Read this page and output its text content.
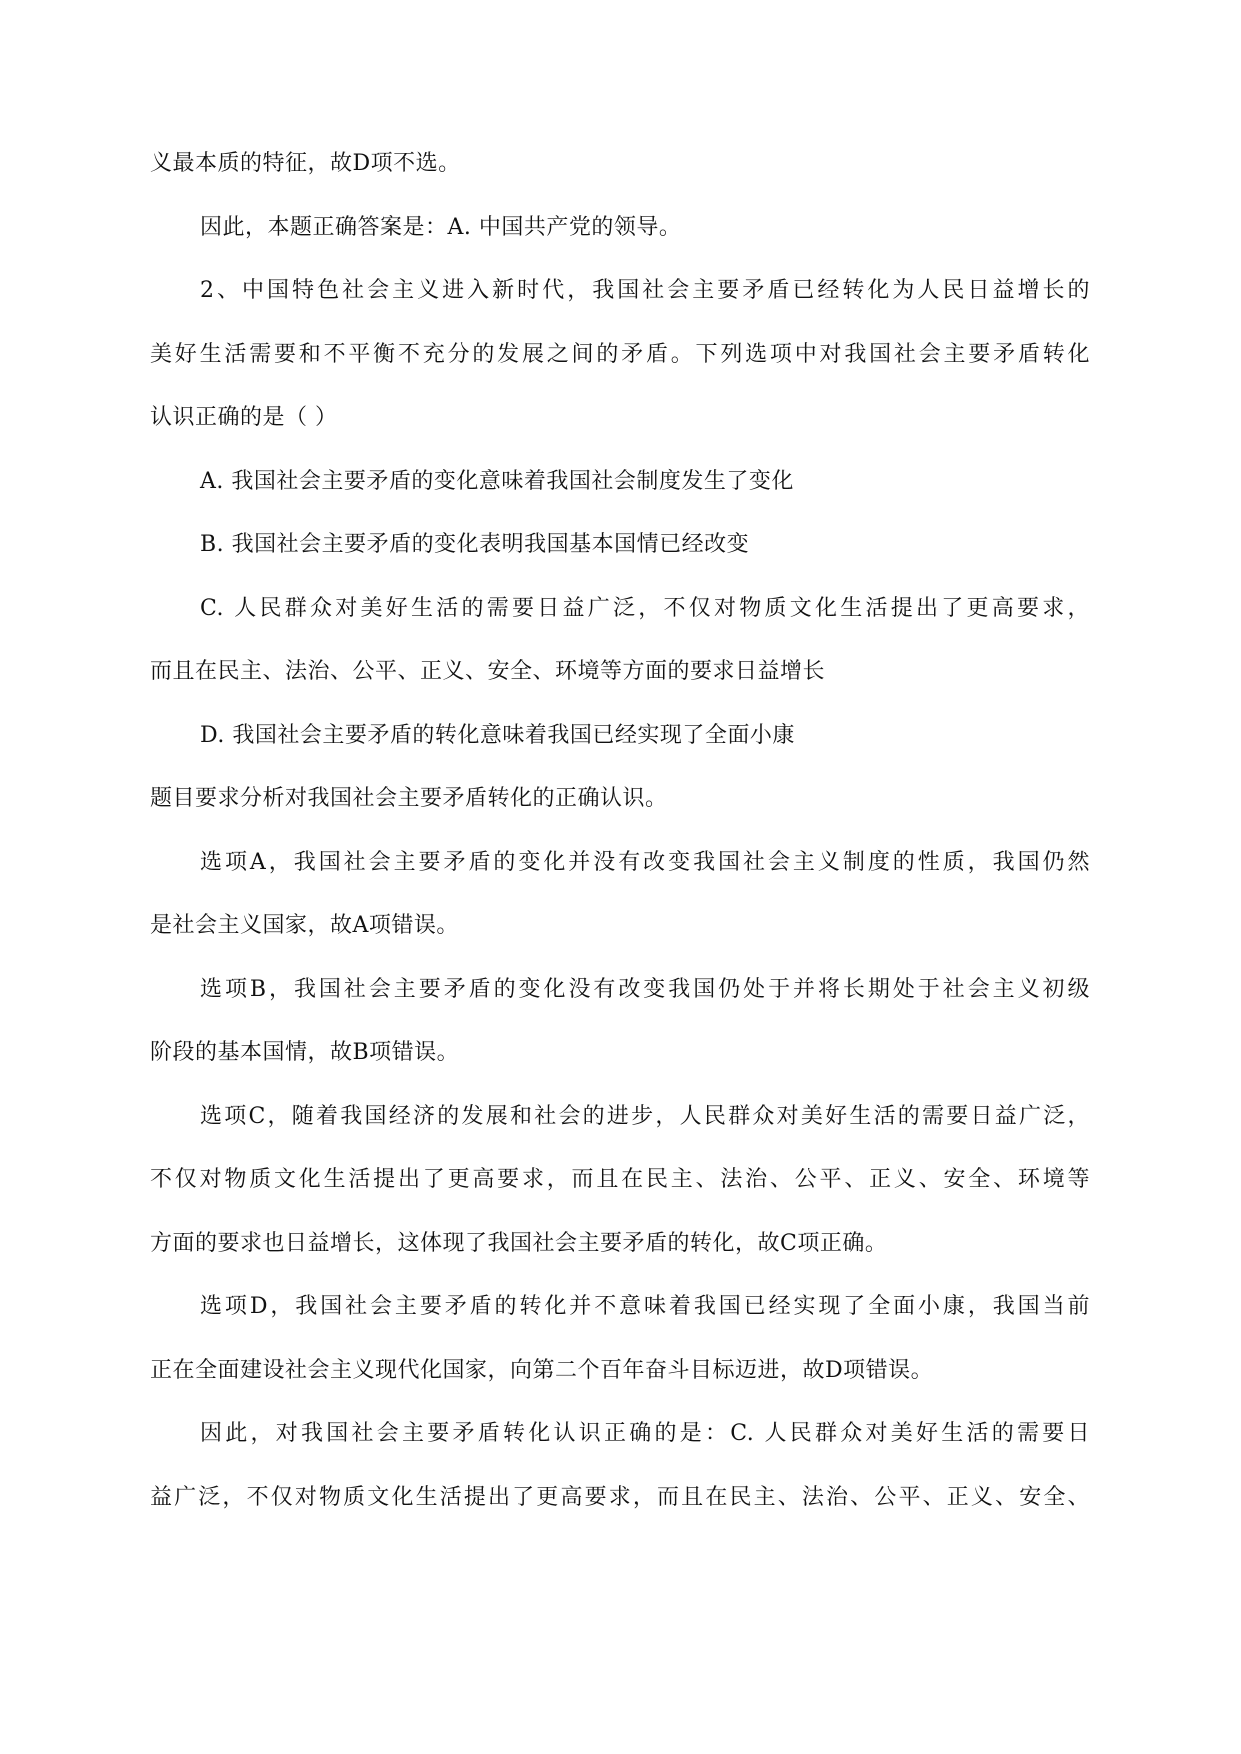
义最本质的特征，故D项不选。
因此，本题正确答案是：A. 中国共产党的领导。
2、中国特色社会主义进入新时代，我国社会主要矛盾已经转化为人民日益增长的
美好生活需要和不平衡不充分的发展之间的矛盾。下列选项中对我国社会主要矛盾转化
认识正确的是（ ）
A. 我国社会主要矛盾的变化意味着我国社会制度发生了变化
B. 我国社会主要矛盾的变化表明我国基本国情已经改变
C. 人民群众对美好生活的需要日益广泛，不仅对物质文化生活提出了更高要求，
而且在民主、法治、公平、正义、安全、环境等方面的要求日益增长
D. 我国社会主要矛盾的转化意味着我国已经实现了全面小康
题目要求分析对我国社会主要矛盾转化的正确认识。
选项A，我国社会主要矛盾的变化并没有改变我国社会主义制度的性质，我国仍然
是社会主义国家，故A项错误。
选项B，我国社会主要矛盾的变化没有改变我国仍处于并将长期处于社会主义初级
阶段的基本国情，故B项错误。
选项C，随着我国经济的发展和社会的进步，人民群众对美好生活的需要日益广泛，
不仅对物质文化生活提出了更高要求，而且在民主、法治、公平、正义、安全、环境等
方面的要求也日益增长，这体现了我国社会主要矛盾的转化，故C项正确。
选项D，我国社会主要矛盾的转化并不意味着我国已经实现了全面小康，我国当前
正在全面建设社会主义现代化国家，向第二个百年奋斗目标迈进，故D项错误。
因此，对我国社会主要矛盾转化认识正确的是：C. 人民群众对美好生活的需要日
益广泛，不仅对物质文化生活提出了更高要求，而且在民主、法治、公平、正义、安全、
